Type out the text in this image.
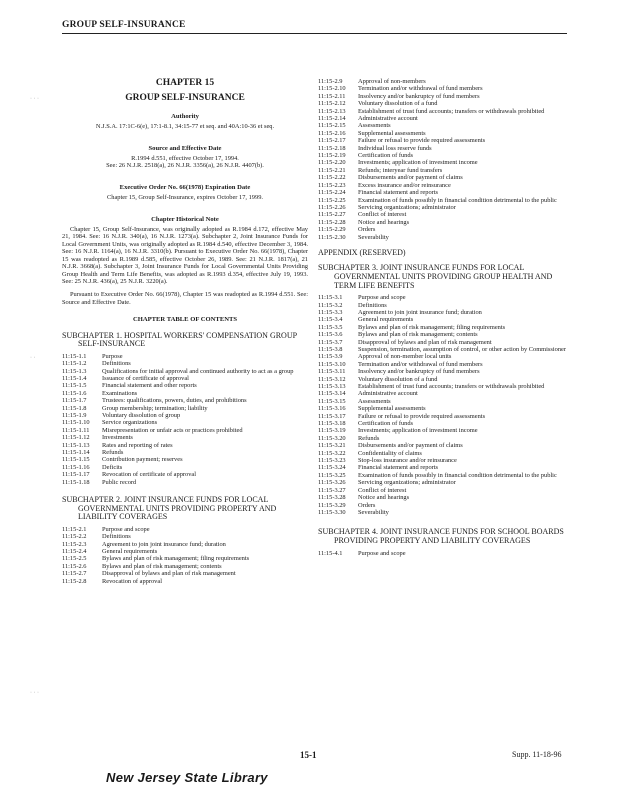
GROUP SELF-INSURANCE
CHAPTER 15
GROUP SELF-INSURANCE
Authority
N.J.S.A. 17:1C-6(e), 17:1-8.1, 34:15-77 et seq. and 40A:10-36 et seq.
Source and Effective Date
R.1994 d.551, effective October 17, 1994.
See: 26 N.J.R. 2518(a), 26 N.J.R. 3356(a), 26 N.J.R. 4407(b).
Executive Order No. 66(1978) Expiration Date
Chapter 15, Group Self-Insurance, expires October 17, 1999.
Chapter Historical Note
Chapter 15, Group Self-Insurance, was originally adopted as R.1984 d.172, effective May 21, 1984. See: 16 N.J.R. 340(a), 16 N.J.R. 1273(a). Subchapter 2, Joint Insurance Funds for Local Government Units, was originally adopted as R.1984 d.540, effective December 3, 1984. See: 16 N.J.R. 1164(a), 16 N.J.R. 3310(b). Pursuant to Executive Order No. 66(1978), Chapter 15 was readopted as R.1989 d.585, effective October 26, 1989. See: 21 N.J.R. 1817(a), 21 N.J.R. 3668(a). Subchapter 3, Joint Insurance Funds for Local Governmental Units Providing Group Health and Term Life Benefits, was adopted as R.1993 d.354, effective July 19, 1993. See: 25 N.J.R. 436(a), 25 N.J.R. 3220(a).
Pursuant to Executive Order No. 66(1978), Chapter 15 was readopted as R.1994 d.551. See: Source and Effective Date.
CHAPTER TABLE OF CONTENTS
SUBCHAPTER 1. HOSPITAL WORKERS' COMPENSATION GROUP SELF-INSURANCE
11:15-1.1	Purpose
11:15-1.2	Definitions
11:15-1.3	Qualifications for initial approval and continued authority to act as a group
11:15-1.4	Issuance of certificate of approval
11:15-1.5	Financial statement and other reports
11:15-1.6	Examinations
11:15-1.7	Trustees: qualifications, powers, duties, and prohibitions
11:15-1.8	Group membership; termination; liability
11:15-1.9	Voluntary dissolution of group
11:15-1.10	Service organizations
11:15-1.11	Misrepresentation or unfair acts or practices prohibited
11:15-1.12	Investments
11:15-1.13	Rates and reporting of rates
11:15-1.14	Refunds
11:15-1.15	Contribution payment; reserves
11:15-1.16	Deficits
11:15-1.17	Revocation of certificate of approval
11:15-1.18	Public record
SUBCHAPTER 2. JOINT INSURANCE FUNDS FOR LOCAL GOVERNMENTAL UNITS PROVIDING PROPERTY AND LIABILITY COVERAGES
11:15-2.1	Purpose and scope
11:15-2.2	Definitions
11:15-2.3	Agreement to join joint insurance fund; duration
11:15-2.4	General requirements
11:15-2.5	Bylaws and plan of risk management; filing requirements
11:15-2.6	Bylaws and plan of risk management; contents
11:15-2.7	Disapproval of bylaws and plan of risk management
11:15-2.8	Revocation of approval
11:15-2.9	Approval of non-members
11:15-2.10	Termination and/or withdrawal of fund members
11:15-2.11	Insolvency and/or bankruptcy of fund members
11:15-2.12	Voluntary dissolution of a fund
11:15-2.13	Establishment of trust fund accounts; transfers or withdrawals prohibited
11:15-2.14	Administrative account
11:15-2.15	Assessments
11:15-2.16	Supplemental assessments
11:15-2.17	Failure or refusal to provide required assessments
11:15-2.18	Individual loss reserve funds
11:15-2.19	Certification of funds
11:15-2.20	Investments; application of investment income
11:15-2.21	Refunds; interyear fund transfers
11:15-2.22	Disbursements and/or payment of claims
11:15-2.23	Excess insurance and/or reinsurance
11:15-2.24	Financial statement and reports
11:15-2.25	Examination of funds possibly in financial condition detrimental to the public
11:15-2.26	Servicing organizations; administrator
11:15-2.27	Conflict of interest
11:15-2.28	Notice and hearings
11:15-2.29	Orders
11:15-2.30	Severability
APPENDIX (RESERVED)
SUBCHAPTER 3. JOINT INSURANCE FUNDS FOR LOCAL GOVERNMENTAL UNITS PROVIDING GROUP HEALTH AND TERM LIFE BENEFITS
11:15-3.1	Purpose and scope
11:15-3.2	Definitions
11:15-3.3	Agreement to join joint insurance fund; duration
11:15-3.4	General requirements
11:15-3.5	Bylaws and plan of risk management; filing requirements
11:15-3.6	Bylaws and plan of risk management; contents
11:15-3.7	Disapproval of bylaws and plan of risk management
11:15-3.8	Suspension, termination, assumption of control, or other action by Commissioner
11:15-3.9	Approval of non-member local units
11:15-3.10	Termination and/or withdrawal of fund members
11:15-3.11	Insolvency and/or bankruptcy of fund members
11:15-3.12	Voluntary dissolution of a fund
11:15-3.13	Establishment of trust fund accounts; transfers or withdrawals prohibited
11:15-3.14	Administrative account
11:15-3.15	Assessments
11:15-3.16	Supplemental assessments
11:15-3.17	Failure or refusal to provide required assessments
11:15-3.18	Certification of funds
11:15-3.19	Investments; application of investment income
11:15-3.20	Refunds
11:15-3.21	Disbursements and/or payment of claims
11:15-3.22	Confidentiality of claims
11:15-3.23	Stop-loss insurance and/or reinsurance
11:15-3.24	Financial statement and reports
11:15-3.25	Examination of funds possibly in financial condition detrimental to the public
11:15-3.26	Servicing organizations; administrator
11:15-3.27	Conflict of interest
11:15-3.28	Notice and hearings
11:15-3.29	Orders
11:15-3.30	Severability
SUBCHAPTER 4. JOINT INSURANCE FUNDS FOR SCHOOL BOARDS PROVIDING PROPERTY AND LIABILITY COVERAGES
11:15-4.1	Purpose and scope
15-1	Supp. 11-18-96
New Jersey State Library
· · ·
· ·
· · ·
